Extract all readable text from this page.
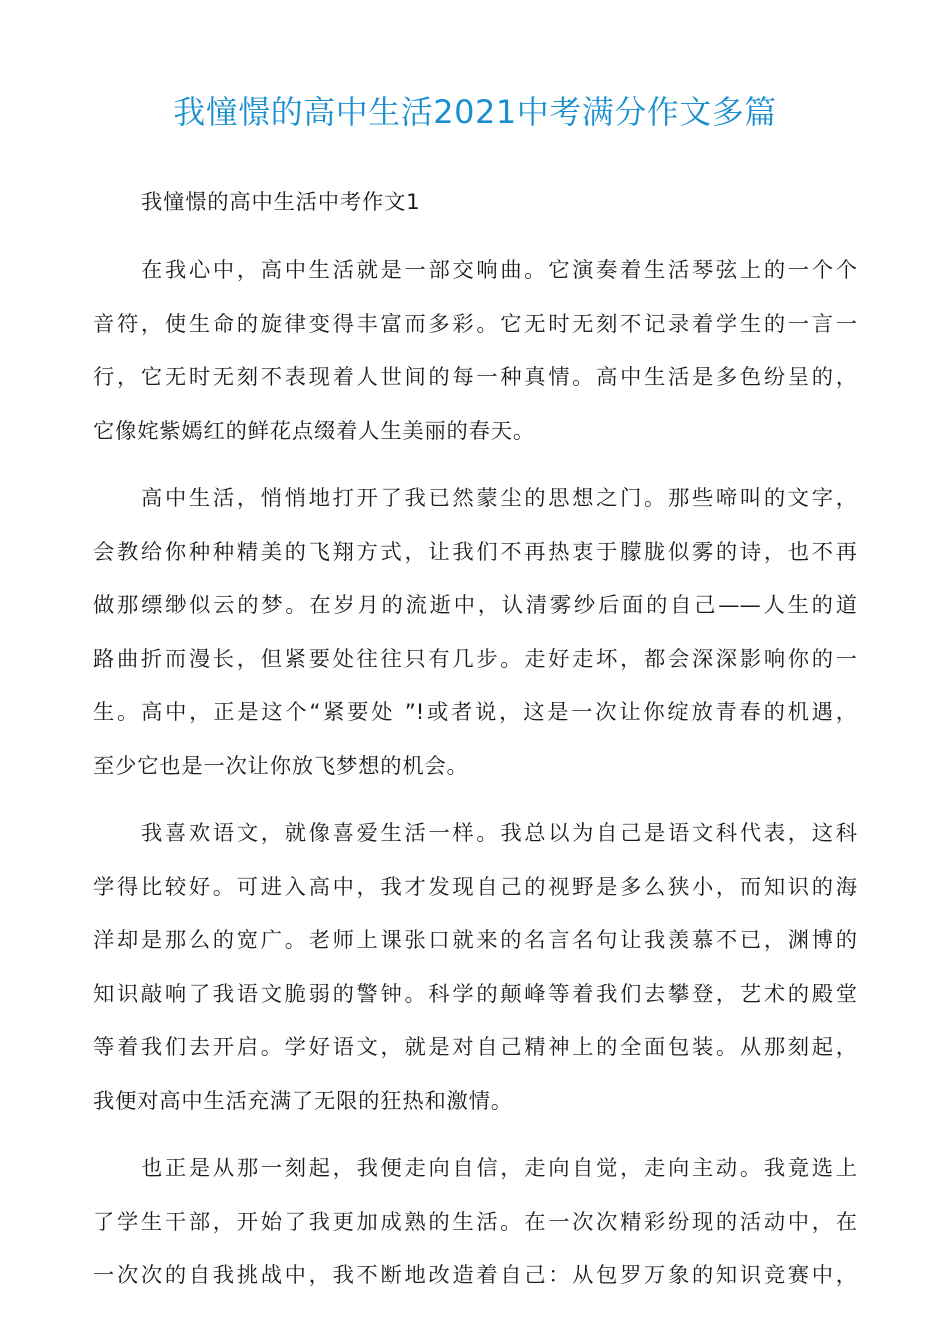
我憧憬的高中生活2021中考满分作文多篇
我憧憬的高中生活中考作文1
在我心中，高中生活就是一部交响曲。它演奏着生活琴弦上的一个个
音符，使生命的旋律变得丰富而多彩。它无时无刻不记录着学生的一言一
行，它无时无刻不表现着人世间的每一种真情。高中生活是多色纷呈的，
它像姹紫嫣红的鲜花点缀着人生美丽的春天。
高中生活，悄悄地打开了我已然蒙尘的思想之门。那些啼叫的文字，
会教给你种种精美的飞翔方式，让我们不再热衷于朦胧似雾的诗，也不再
做那缥缈似云的梦。在岁月的流逝中，认清雾纱后面的自己——人生的道
路曲折而漫长，但紧要处往往只有几步。走好走坏，都会深深影响你的一
生。高中，正是这个“紧要处 ”!或者说，这是一次让你绽放青春的机遇，
至少它也是一次让你放飞梦想的机会。
我喜欢语文，就像喜爱生活一样。我总以为自己是语文科代表，这科
学得比较好。可进入高中，我才发现自己的视野是多么狭小，而知识的海
洋却是那么的宽广。老师上课张口就来的名言名句让我羡慕不已，渊博的
知识敲响了我语文脆弱的警钟。科学的颠峰等着我们去攀登，艺术的殿堂
等着我们去开启。学好语文，就是对自己精神上的全面包装。从那刻起，
我便对高中生活充满了无限的狂热和激情。
也正是从那一刻起，我便走向自信，走向自觉，走向主动。我竟选上
了学生干部，开始了我更加成熟的生活。在一次次精彩纷现的活动中，在
一次次的自我挑战中，我不断地改造着自己：从包罗万象的知识竞赛中，
